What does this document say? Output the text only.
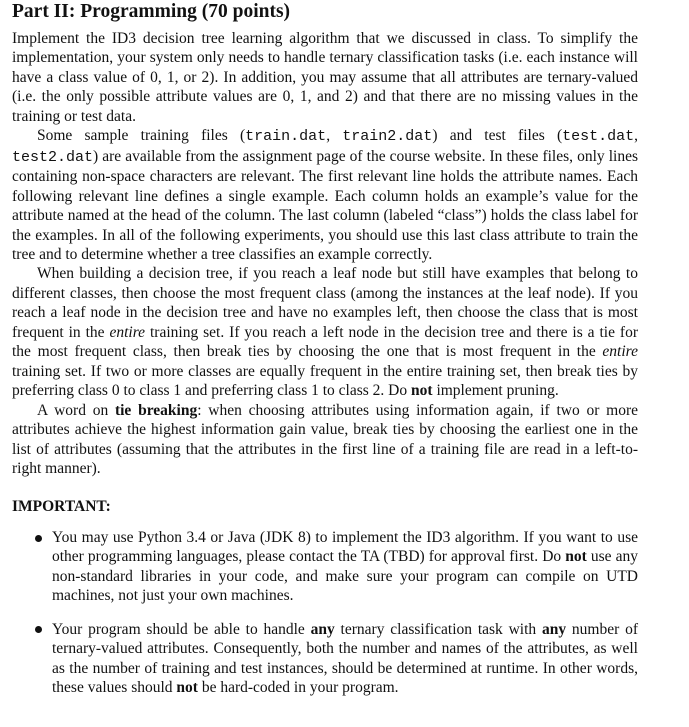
Part II: Programming (70 points)

Implement the ID3 decision tree learning algorithm that we discussed in class. To simplify the implementation, your system only needs to handle ternary classification tasks (i.e. each instance will have a class value of 0, 1, or 2). In addition, you may assume that all attributes are ternary-valued (i.e. the only possible attribute values are 0, 1, and 2) and that there are no missing values in the training or test data.

Some sample training files (train.dat, train2.dat) and test files (test.dat, test2.dat) are available from the assignment page of the course website. In these files, only lines containing non-space characters are relevant. The first relevant line holds the attribute names. Each following relevant line defines a single example. Each column holds an example’s value for the attribute named at the head of the column. The last column (labeled “class”) holds the class label for the examples. In all of the following experiments, you should use this last class attribute to train the tree and to determine whether a tree classifies an example correctly.

When building a decision tree, if you reach a leaf node but still have examples that belong to different classes, then choose the most frequent class (among the instances at the leaf node). If you reach a leaf node in the decision tree and have no examples left, then choose the class that is most frequent in the entire training set. If you reach a left node in the decision tree and there is a tie for the most frequent class, then break ties by choosing the one that is most frequent in the entire training set. If two or more classes are equally frequent in the entire training set, then break ties by preferring class 0 to class 1 and preferring class 1 to class 2. Do not implement pruning.

A word on tie breaking: when choosing attributes using information again, if two or more attributes achieve the highest information gain value, break ties by choosing the earliest one in the list of attributes (assuming that the attributes in the first line of a training file are read in a left-to-right manner).

IMPORTANT:
You may use Python 3.4 or Java (JDK 8) to implement the ID3 algorithm. If you want to use other programming languages, please contact the TA (TBD) for approval first. Do not use any non-standard libraries in your code, and make sure your program can compile on UTD machines, not just your own machines.
Your program should be able to handle any ternary classification task with any number of ternary-valued attributes. Consequently, both the number and names of the attributes, as well as the number of training and test instances, should be determined at runtime. In other words, these values should not be hard-coded in your program.
